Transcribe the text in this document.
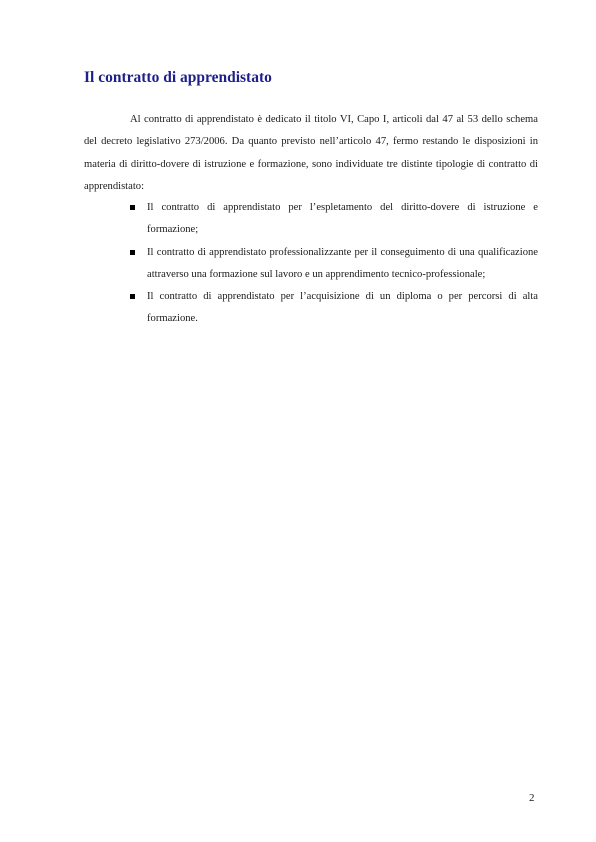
Il contratto di apprendistato

Al contratto di apprendistato è dedicato il titolo VI, Capo I, articoli dal 47 al 53 dello schema del decreto legislativo 273/2006. Da quanto previsto nell’articolo 47, fermo restando le disposizioni in materia di diritto-dovere di istruzione e formazione, sono individuate tre distinte tipologie di contratto di apprendistato:

Il contratto di apprendistato per l’espletamento del diritto-dovere di istruzione e formazione;
Il contratto di apprendistato professionalizzante per il conseguimento di una qualificazione attraverso una formazione sul lavoro e un apprendimento tecnico-professionale;
Il contratto di apprendistato per l’acquisizione di un diploma o per percorsi di alta formazione.

2
